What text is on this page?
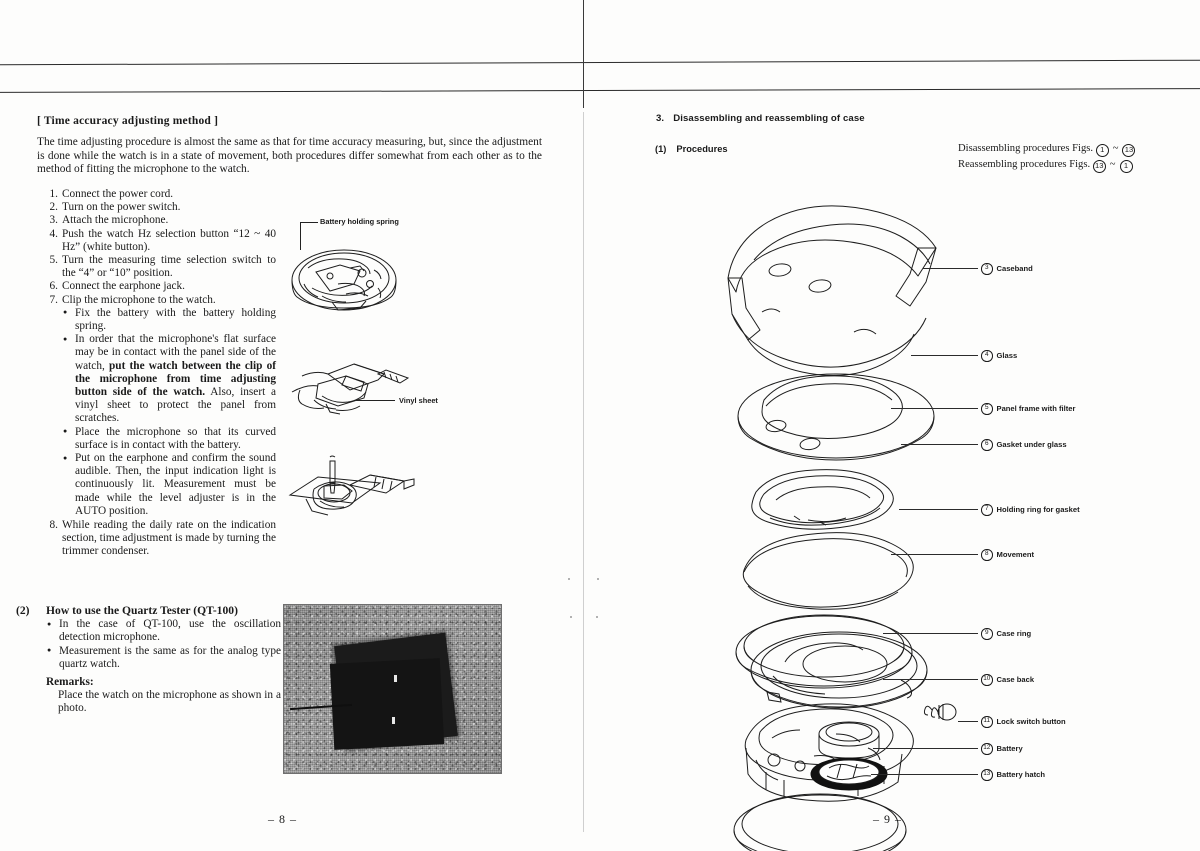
[ Time accuracy adjusting method ]
The time adjusting procedure is almost the same as that for time accuracy measuring, but, since the adjustment is done while the watch is in a state of movement, both procedures differ somewhat from each other as to the method of fitting the microphone to the watch.
1. Connect the power cord.
2. Turn on the power switch.
3. Attach the microphone.
4. Push the watch Hz selection button “12 ~ 40 Hz” (white button).
5. Turn the measuring time selection switch to the “4” or “10” position.
6. Connect the earphone jack.
7. Clip the microphone to the watch.
● Fix the battery with the battery holding spring.
● In order that the microphone's flat surface may be in contact with the panel side of the watch, put the watch between the clip of the microphone from time adjusting button side of the watch. Also, insert a vinyl sheet to protect the panel from scratches.
● Place the microphone so that its curved surface is in contact with the battery.
● Put on the earphone and confirm the sound audible. Then, the input indication light is continuously lit. Measurement must be made while the level adjuster is in the AUTO position.
8. While reading the daily rate on the indication section, time adjustment is made by turning the trimmer condenser.
Battery holding spring
Vinyl sheet
(2) How to use the Quartz Tester (QT-100)
● In the case of QT-100, use the oscillation detection microphone.
● Measurement is the same as for the analog type quartz watch.
Remarks:
Place the watch on the microphone as shown in a photo.
– 8 –
3. Disassembling and reassembling of case
(1) Procedures	Disassembling procedures Figs. 1 ~ 13
Reassembling procedures Figs. 13 ~ 1
3	Caseband
4	Glass
5	Panel frame with filter
6	Gasket under glass
7	Holding ring for gasket
8	Movement
9	Case ring
10 Case back
11 Lock switch button
12 Battery
13 Battery hatch
– 9 –
